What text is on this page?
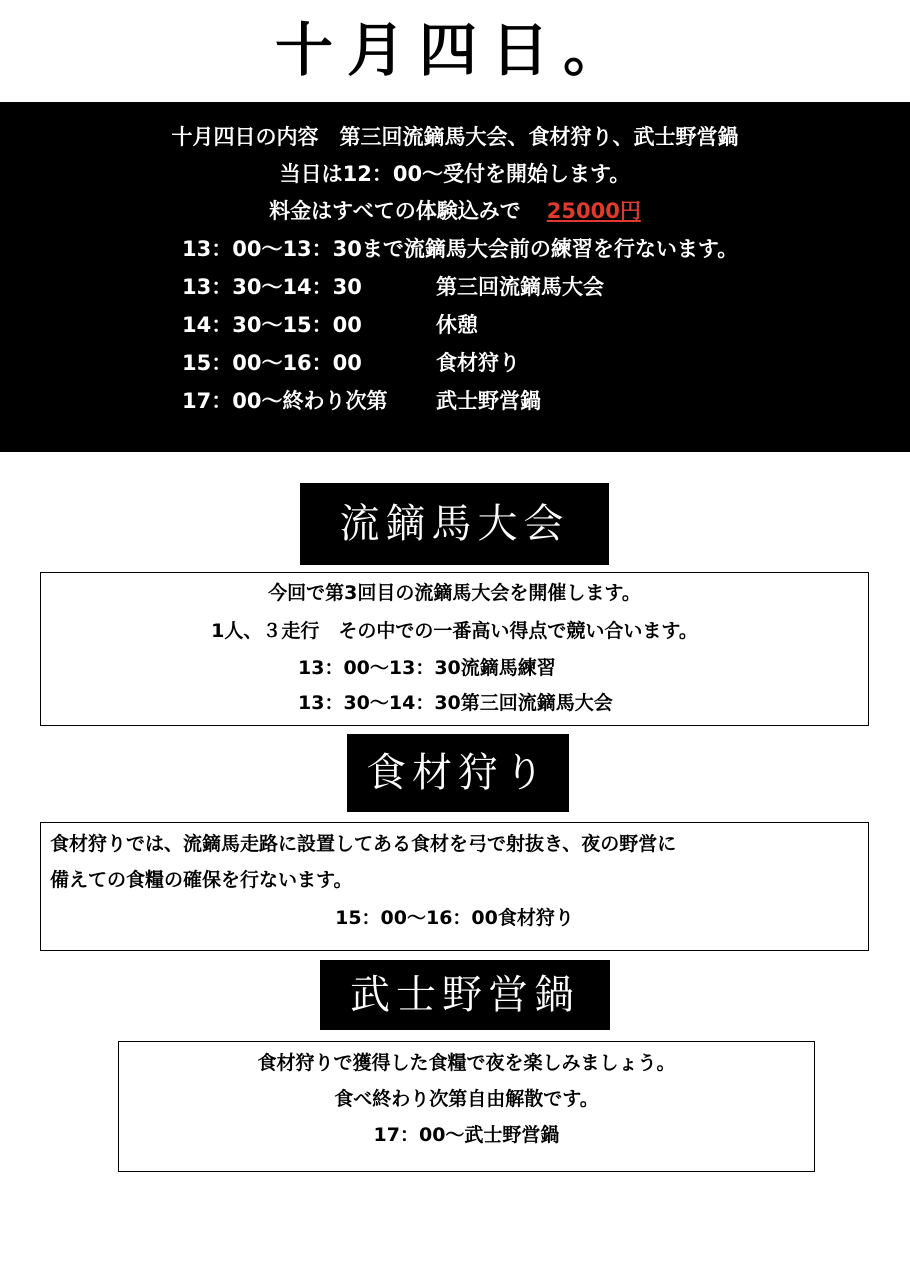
十月四日。
十月四日の内容　第三回流鏑馬大会、食材狩り、武士野営鍋
当日は12：00〜受付を開始します。
料金はすべての体験込みで 25000円
13：00〜13：30まで流鏑馬大会前の練習を行ないます。
13：30〜14：30	第三回流鏑馬大会
14：30〜15：00	休憩
15：00〜16：00	食材狩り
17：00〜終わり次第 武士野営鍋
流鏑馬大会
今回で第3回目の流鏑馬大会を開催します。
1人、３走行　その中での一番高い得点で競い合います。
13：00〜13：30流鏑馬練習
13：30〜14：30第三回流鏑馬大会
食材狩り
食材狩りでは、流鏑馬走路に設置してある食材を弓で射抜き、夜の野営に
備えての食糧の確保を行ないます。
15：00〜16：00食材狩り
武士野営鍋
食材狩りで獲得した食糧で夜を楽しみましょう。
食べ終わり次第自由解散です。
17：00〜武士野営鍋
